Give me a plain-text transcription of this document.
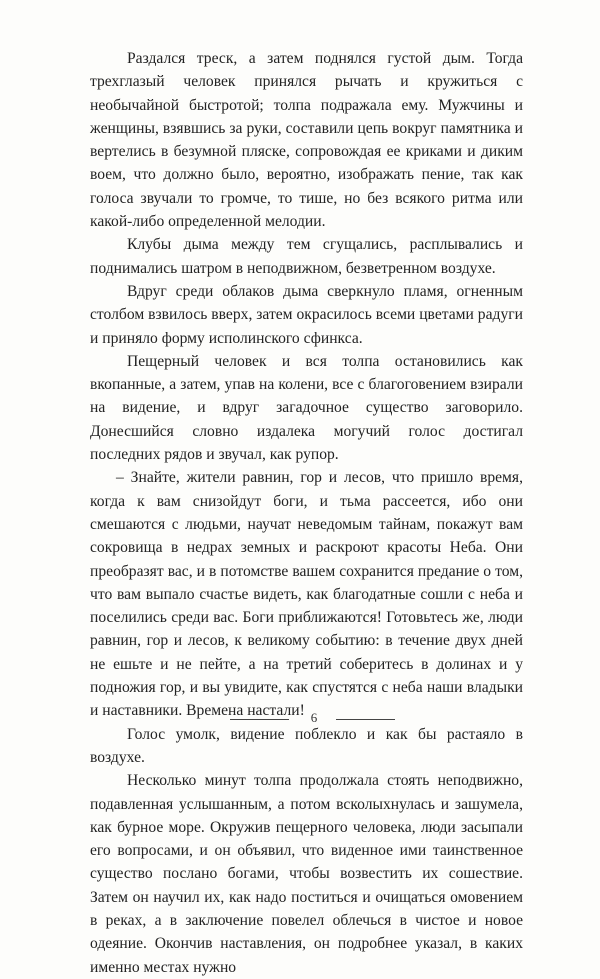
Раздался треск, а затем поднялся густой дым. Тогда трехглазый человек принялся рычать и кружиться с необычайной быстротой; толпа подражала ему. Мужчины и женщины, взявшись за руки, составили цепь вокруг памятника и вертелись в безумной пляске, сопровождая ее криками и диким воем, что должно было, вероятно, изображать пение, так как голоса звучали то громче, то тише, но без всякого ритма или какой-либо определенной мелодии.

Клубы дыма между тем сгущались, расплывались и поднимались шатром в неподвижном, безветренном воздухе.

Вдруг среди облаков дыма сверкнуло пламя, огненным столбом взвилось вверх, затем окрасилось всеми цветами радуги и приняло форму исполинского сфинкса.

Пещерный человек и вся толпа остановились как вкопанные, а затем, упав на колени, все с благоговением взирали на видение, и вдруг загадочное существо заговорило. Донесшийся словно издалека могучий голос достигал последних рядов и звучал, как рупор.

– Знайте, жители равнин, гор и лесов, что пришло время, когда к вам снизойдут боги, и тьма рассеется, ибо они смешаются с людьми, научат неведомым тайнам, покажут вам сокровища в недрах земных и раскроют красоты Неба. Они преобразят вас, и в потомстве вашем сохранится предание о том, что вам выпало счастье видеть, как благодатные сошли с неба и поселились среди вас. Боги приближаются! Готовьтесь же, люди равнин, гор и лесов, к великому событию: в течение двух дней не ешьте и не пейте, а на третий соберитесь в долинах и у подножия гор, и вы увидите, как спустятся с неба наши владыки и наставники. Времена настали!

Голос умолк, видение поблекло и как бы растаяло в воздухе.

Несколько минут толпа продолжала стоять неподвижно, подавленная услышанным, а потом всколыхнулась и зашумела, как бурное море. Окружив пещерного человека, люди засыпали его вопросами, и он объявил, что виденное ими таинственное существо послано богами, чтобы возвестить их сошествие. Затем он научил их, как надо поститься и очищаться омовением в реках, а в заключение повелел облечься в чистое и новое одеяние. Окончив наставления, он подробнее указал, в каких именно местах нужно

6
